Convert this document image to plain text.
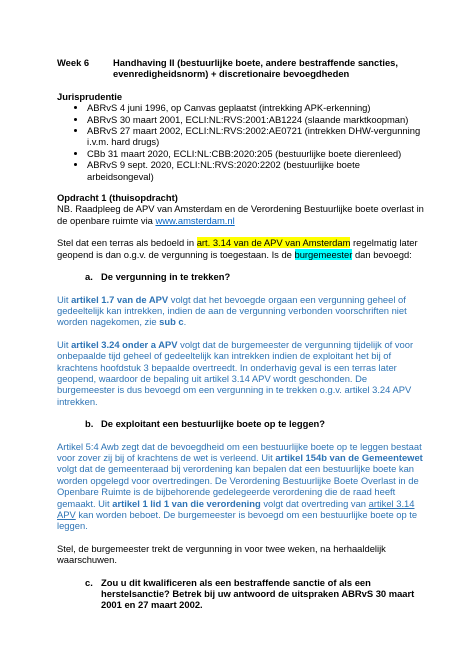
Week 6	Handhaving II (bestuurlijke boete, andere bestraffende sancties, evenredigheidsnorm) + discretionaire bevoegdheden
Jurisprudentie
• ABRvS 4 juni 1996, op Canvas geplaatst (intrekking APK-erkenning)
• ABRvS 30 maart 2001, ECLI:NL:RVS:2001:AB1224 (slaande marktkoopman)
• ABRvS 27 maart 2002, ECLI:NL:RVS:2002:AE0721 (intrekken DHW-vergunning i.v.m. hard drugs)
• CBb 31 maart 2020, ECLI:NL:CBB:2020:205 (bestuurlijke boete dierenleed)
• ABRvS 9 sept. 2020, ECLI:NL:RVS:2020:2202 (bestuurlijke boete arbeidsongeval)
Opdracht 1 (thuisopdracht)

NB. Raadpleeg de APV van Amsterdam en de Verordening Bestuurlijke boete overlast in de openbare ruimte via www.amsterdam.nl

Stel dat een terras als bedoeld in art. 3.14 van de APV van Amsterdam regelmatig later geopend is dan o.g.v. de vergunning is toegestaan. Is de burgemeester dan bevoegd:

a. De vergunning in te trekken?

Uit artikel 1.7 van de APV volgt dat het bevoegde orgaan een vergunning geheel of gedeeltelijk kan intrekken, indien de aan de vergunning verbonden voorschriften niet worden nagekomen, zie sub c.

Uit artikel 3.24 onder a APV volgt dat de burgemeester de vergunning tijdelijk of voor onbepaalde tijd geheel of gedeeltelijk kan intrekken indien de exploitant het bij of krachtens hoofdstuk 3 bepaalde overtreedt. In onderhavig geval is een terras later geopend, waardoor de bepaling uit artikel 3.14 APV wordt geschonden. De burgemeester is dus bevoegd om een vergunning in te trekken o.g.v. artikel 3.24 APV intrekken.

b. De exploitant een bestuurlijke boete op te leggen?

Artikel 5:4 Awb zegt dat de bevoegdheid om een bestuurlijke boete op te leggen bestaat voor zover zij bij of krachtens de wet is verleend. Uit artikel 154b van de Gemeentewet volgt dat de gemeenteraad bij verordening kan bepalen dat een bestuurlijke boete kan worden opgelegd voor overtredingen. De Verordening Bestuurlijke Boete Overlast in de Openbare Ruimte is de bijbehorende gedelegeerde verordening die de raad heeft gemaakt. Uit artikel 1 lid 1 van die verordening volgt dat overtreding van artikel 3.14 APV kan worden beboet. De burgemeester is bevoegd om een bestuurlijke boete op te leggen.

Stel, de burgemeester trekt de vergunning in voor twee weken, na herhaaldelijk waarschuwen.

c. Zou u dit kwalificeren als een bestraffende sanctie of als een herstelsanctie? Betrek bij uw antwoord de uitspraken ABRvS 30 maart 2001 en 27 maart 2002.
